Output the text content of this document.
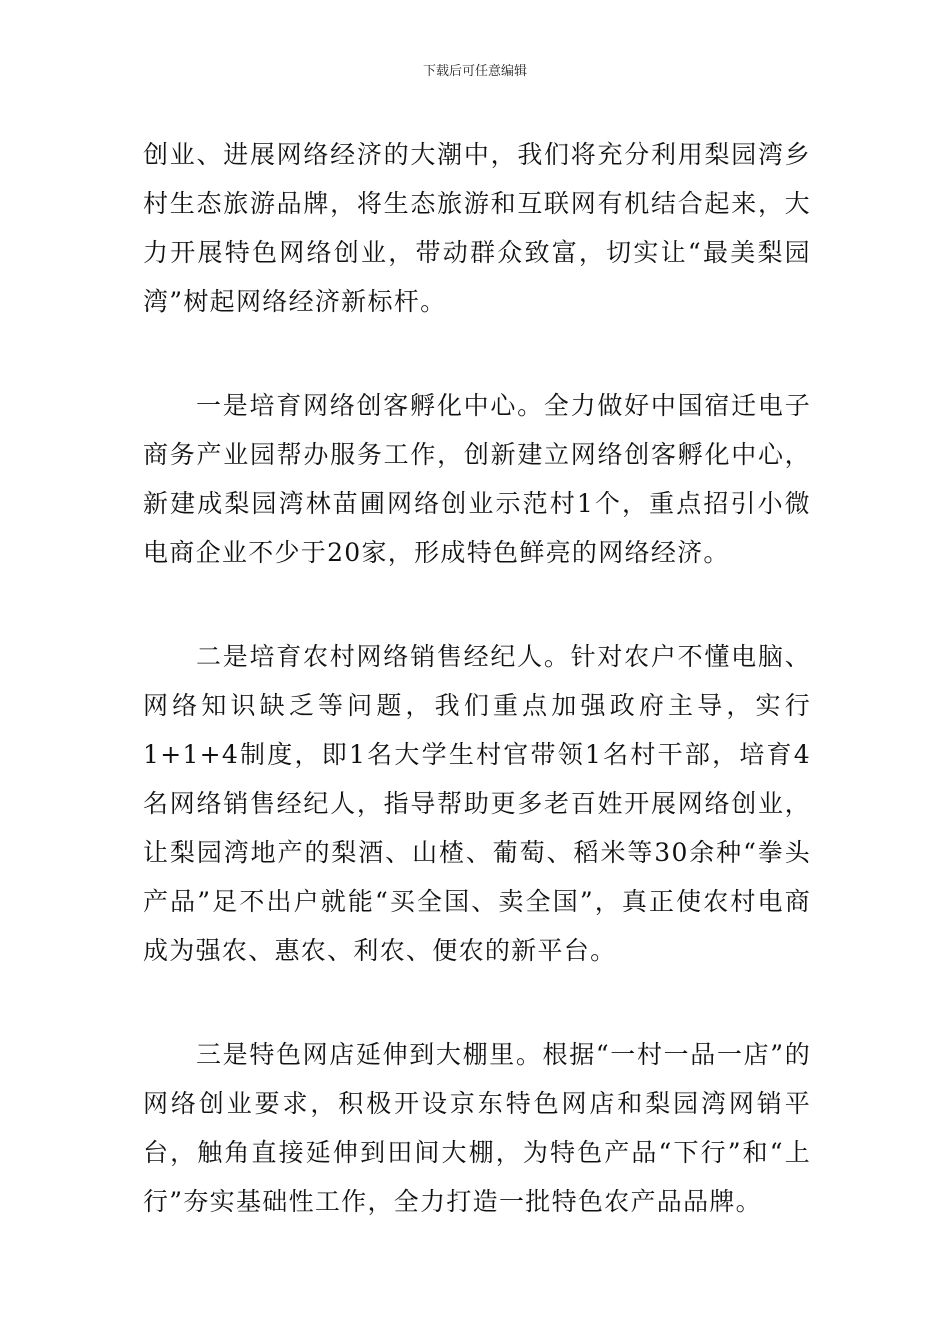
下载后可任意编辑

创业、进展网络经济的大潮中，我们将充分利用梨园湾乡村生态旅游品牌，将生态旅游和互联网有机结合起来，大力开展特色网络创业，带动群众致富，切实让“最美梨园湾”树起网络经济新标杆。

一是培育网络创客孵化中心。全力做好中国宿迁电子商务产业园帮办服务工作，创新建立网络创客孵化中心，新建成梨园湾林苗圃网络创业示范村1个，重点招引小微电商企业不少于20家，形成特色鲜亮的网络经济。

二是培育农村网络销售经纪人。针对农户不懂电脑、网络知识缺乏等问题，我们重点加强政府主导，实行1+1+4制度，即1名大学生村官带领1名村干部，培育4名网络销售经纪人，指导帮助更多老百姓开展网络创业，让梨园湾地产的梨酒、山楂、葡萄、稻米等30余种“拳头产品”足不出户就能“买全国、卖全国”，真正使农村电商成为强农、惠农、利农、便农的新平台。

三是特色网店延伸到大棚里。根据“一村一品一店”的网络创业要求，积极开设京东特色网店和梨园湾网销平台，触角直接延伸到田间大棚，为特色产品“下行”和“上行”夯实基础性工作，全力打造一批特色农产品品牌。
